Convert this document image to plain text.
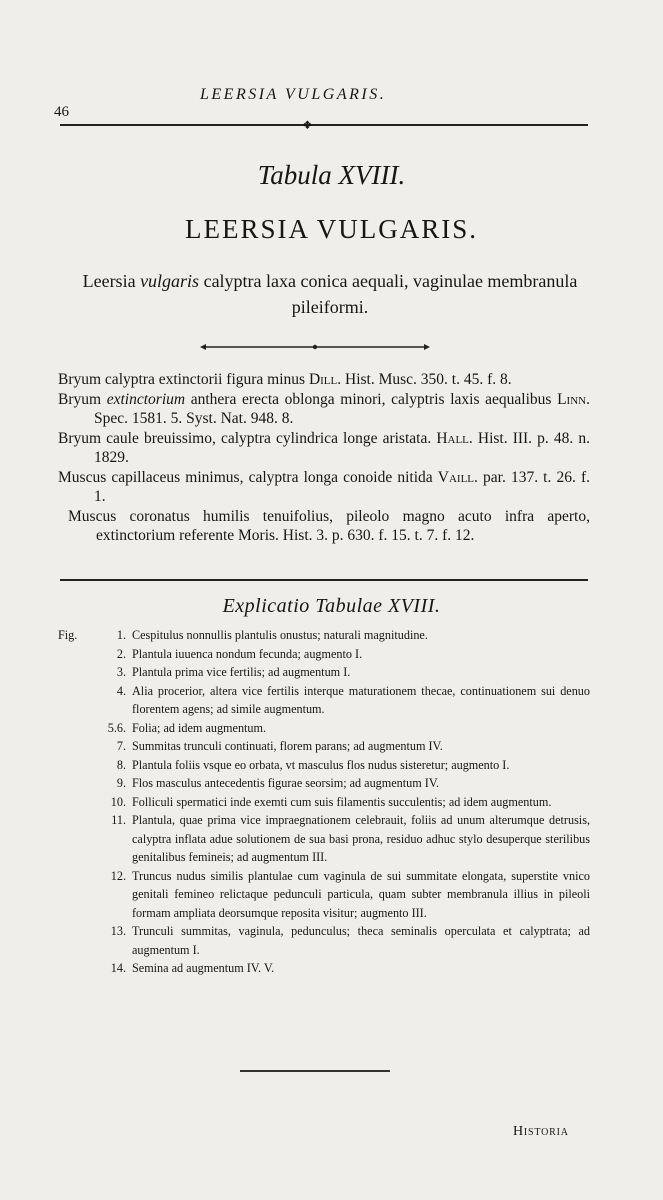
46
LEERSIA VULGARIS.
❖
Tabula XVIII.
LEERSIA VULGARIS.
Leersia vulgaris calyptra laxa conica aequali, vaginulae membranula pileiformi.
Bryum calyptra extinctorii figura minus Dill. Hist. Musc. 350. t. 45. f. 8.
Bryum extinctorium anthera erecta oblonga minori, calyptris laxis aequalibus Linn. Spec. 1581. 5. Syst. Nat. 948. 8.
Bryum caule breuissimo, calyptra cylindrica longe aristata. Hall. Hist. III. p. 48. n. 1829.
Muscus capillaceus minimus, calyptra longa conoide nitida Vaill. par. 137. t. 26. f. 1.
Muscus coronatus humilis tenuifolius, pileolo magno acuto infra aperto, extinctorium referente Moris. Hist. 3. p. 630. f. 15. t. 7. f. 12.
Explicatio Tabulae XVIII.
Fig.	1. Cespitulus nonnullis plantulis onustus; naturali magnitudine.
2. Plantula iuuenca nondum fecunda; augmento I.
3. Plantula prima vice fertilis; ad augmentum I.
4. Alia procerior, altera vice fertilis interque maturationem thecae, continuationem sui denuo florentem agens; ad simile augmentum.
5.6. Folia; ad idem augmentum.
7. Summitas trunculi continuati, florem parans; ad augmentum IV.
8. Plantula foliis vsque eo orbata, vt masculus flos nudus sisteretur; augmento I.
9. Flos masculus antecedentis figurae seorsim; ad augmentum IV.
10. Folliculi spermatici inde exemti cum suis filamentis succulentis; ad idem augmentum.
11. Plantula, quae prima vice impraegnationem celebrauit, foliis ad unum alterumque detrusis, calyptra inflata adue solutionem de sua basi prona, residuo adhuc stylo desuperque sterilibus genitalibus femineis; ad augmentum III.
12. Truncus nudus similis plantulae cum vaginula de sui summitate elongata, superstite vnico genitali femineo relictaque pedunculi particula, quam subter membranula illius in pileoli formam ampliata deorsumque reposita visitur; augmento III.
13. Trunculi summitas, vaginula, pedunculus; theca seminalis operculata et calyptrata; ad augmentum I.
14. Semina ad augmentum IV. V.
Historia
